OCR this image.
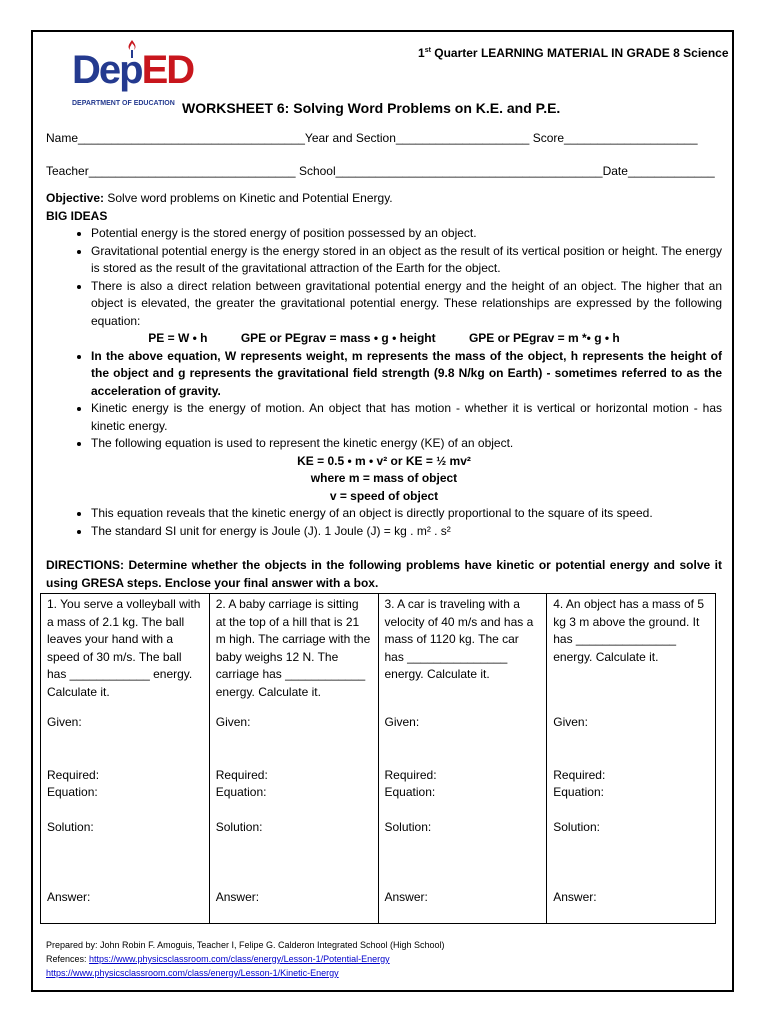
1st Quarter LEARNING MATERIAL IN GRADE 8 Science
DepED
DEPARTMENT OF EDUCATION WORKSHEET 6: Solving Word Problems on K.E. and P.E.
Name__________________________________Year and Section____________________ Score____________________
Teacher_______________________________ School________________________________________Date_____________
Objective: Solve word problems on Kinetic and Potential Energy.
BIG IDEAS
• Potential energy is the stored energy of position possessed by an object.
• Gravitational potential energy is the energy stored in an object as the result of its vertical position or height. The energy is stored as the result of the gravitational attraction of the Earth for the object.
• There is also a direct relation between gravitational potential energy and the height of an object. The higher that an object is elevated, the greater the gravitational potential energy. These relationships are expressed by the following equation:
PE = W • h          GPE or PEgrav = mass • g • height          GPE or PEgrav = m *• g • h
• In the above equation, W represents weight, m represents the mass of the object, h represents the height of the object and g represents the gravitational field strength (9.8 N/kg on Earth) - sometimes referred to as the acceleration of gravity.
• Kinetic energy is the energy of motion. An object that has motion - whether it is vertical or horizontal motion - has kinetic energy.
• The following equation is used to represent the kinetic energy (KE) of an object.
KE = 0.5 • m • v² or KE = ½ mv²
where m = mass of object
v = speed of object
• This equation reveals that the kinetic energy of an object is directly proportional to the square of its speed.
• The standard SI unit for energy is Joule (J). 1 Joule (J) = kg . m² . s²
DIRECTIONS: Determine whether the objects in the following problems have kinetic or potential energy and solve it using GRESA steps. Enclose your final answer with a box.
1. You serve a volleyball with a mass of 2.1 kg. The ball leaves your hand with a speed of 30 m/s. The ball has ____________ energy. Calculate it.
Given:
Required:
Equation:
Solution:
Answer:

2. A baby carriage is sitting at the top of a hill that is 21 m high. The carriage with the baby weighs 12 N. The carriage has ____________ energy. Calculate it.
Given:
Required:
Equation:
Solution:
Answer:

3. A car is traveling with a velocity of 40 m/s and has a mass of 1120 kg. The car has _______________ energy. Calculate it.
Given:
Required:
Equation:
Solution:
Answer:

4. An object has a mass of 5 kg 3 m above the ground. It has _______________ energy. Calculate it.
Given:
Required:
Equation:
Solution:
Answer:
Prepared by: John Robin F. Amoguis, Teacher I, Felipe G. Calderon Integrated School (High School)
Refences: https://www.physicsclassroom.com/class/energy/Lesson-1/Potential-Energy
https://www.physicsclassroom.com/class/energy/Lesson-1/Kinetic-Energy
